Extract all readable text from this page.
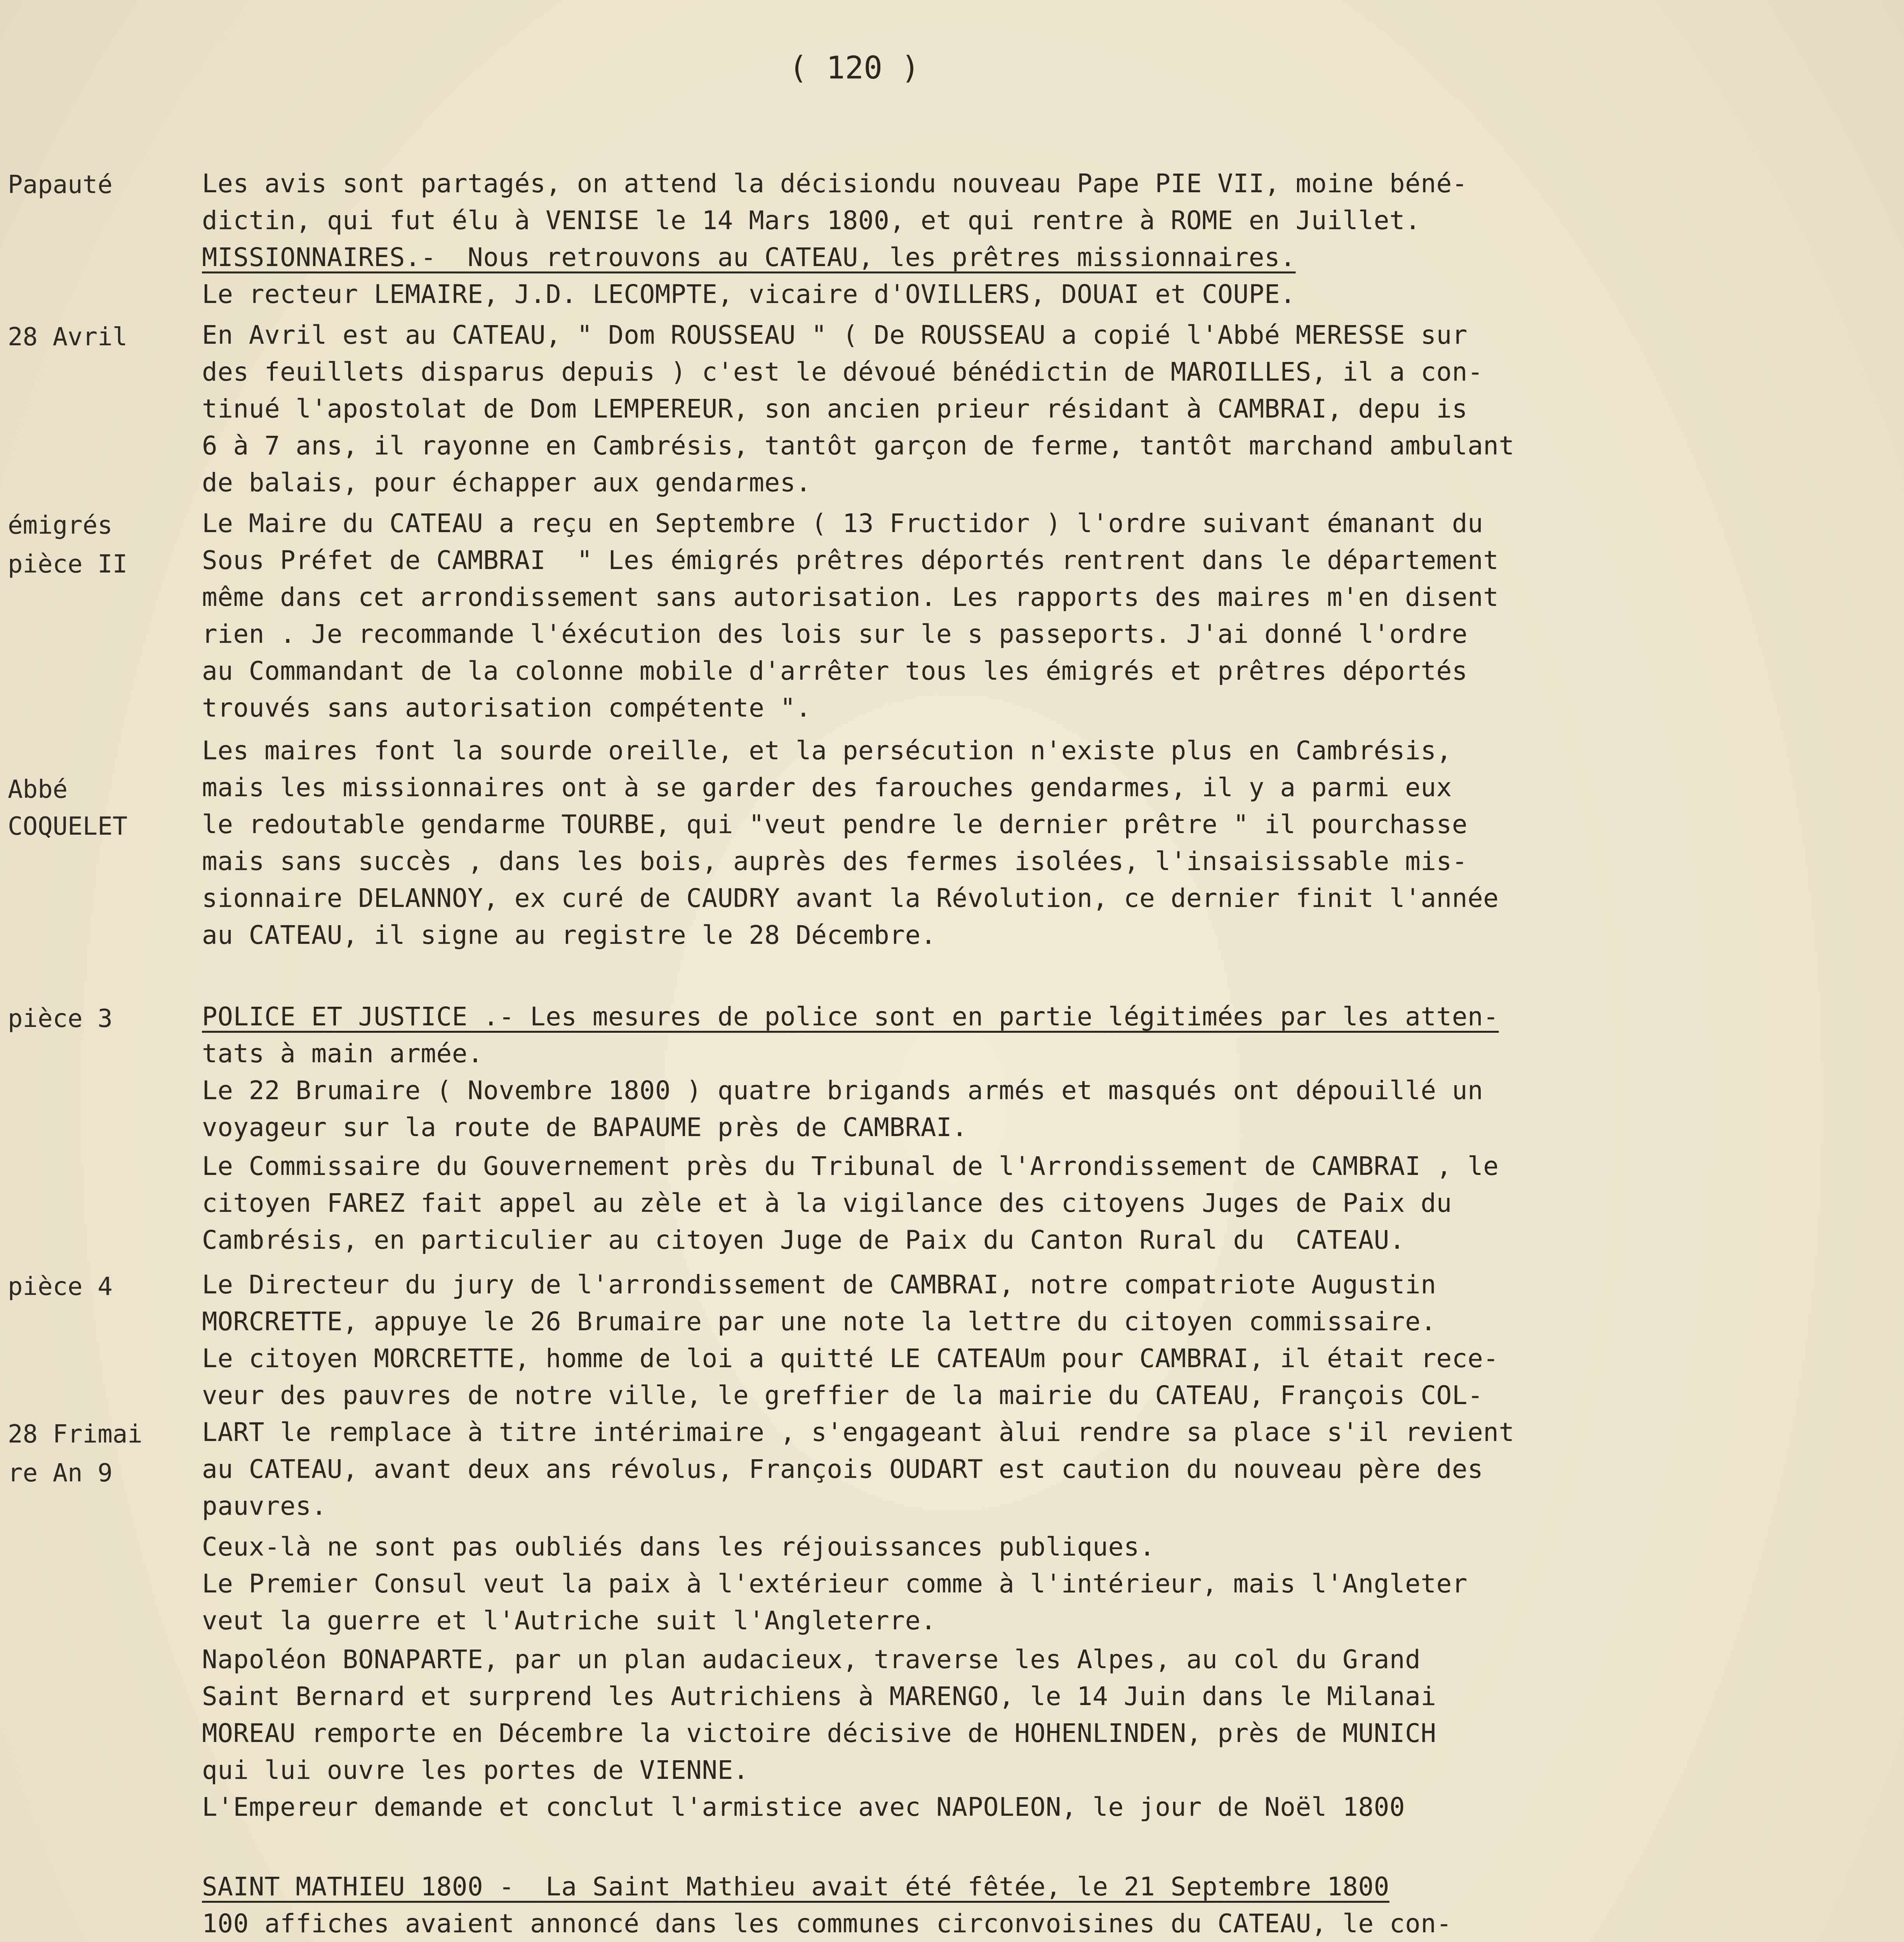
( 120 )
Papauté
28 Avril
émigrés
pièce II
Abbé
COQUELET
pièce 3
pièce 4
28 Frimai
re An 9
Les avis sont partagés, on attend la décisiondu nouveau Pape PIE VII, moine béné-
dictin, qui fut élu à VENISE le 14 Mars 1800, et qui rentre à ROME en Juillet.
MISSIONNAIRES.-  Nous retrouvons au CATEAU, les prêtres missionnaires.
Le recteur LEMAIRE, J.D. LECOMPTE, vicaire d'OVILLERS, DOUAI et COUPE.
En Avril est au CATEAU, " Dom ROUSSEAU " ( De ROUSSEAU a copié l'Abbé MERESSE sur
des feuillets disparus depuis ) c'est le dévoué bénédictin de MAROILLES, il a con-
tinué l'apostolat de Dom LEMPEREUR, son ancien prieur résidant à CAMBRAI, depu is
6 à 7 ans, il rayonne en Cambrésis, tantôt garçon de ferme, tantôt marchand ambulant
de balais, pour échapper aux gendarmes.
Le Maire du CATEAU a reçu en Septembre ( 13 Fructidor ) l'ordre suivant émanant du
Sous Préfet de CAMBRAI  " Les émigrés prêtres déportés rentrent dans le département
même dans cet arrondissement sans autorisation. Les rapports des maires m'en disent
rien . Je recommande l'éxécution des lois sur le s passeports. J'ai donné l'ordre
au Commandant de la colonne mobile d'arrêter tous les émigrés et prêtres déportés
trouvés sans autorisation compétente ".
Les maires font la sourde oreille, et la persécution n'existe plus en Cambrésis,
mais les missionnaires ont à se garder des farouches gendarmes, il y a parmi eux
le redoutable gendarme TOURBE, qui "veut pendre le dernier prêtre " il pourchasse
mais sans succès , dans les bois, auprès des fermes isolées, l'insaisissable mis-
sionnaire DELANNOY, ex curé de CAUDRY avant la Révolution, ce dernier finit l'année
au CATEAU, il signe au registre le 28 Décembre.
POLICE ET JUSTICE .- Les mesures de police sont en partie légitimées par les atten-
tats à main armée.
Le 22 Brumaire ( Novembre 1800 ) quatre brigands armés et masqués ont dépouillé un
voyageur sur la route de BAPAUME près de CAMBRAI.
Le Commissaire du Gouvernement près du Tribunal de l'Arrondissement de CAMBRAI , le
citoyen FAREZ fait appel au zèle et à la vigilance des citoyens Juges de Paix du
Cambrésis, en particulier au citoyen Juge de Paix du Canton Rural du  CATEAU.
Le Directeur du jury de l'arrondissement de CAMBRAI, notre compatriote Augustin
MORCRETTE, appuye le 26 Brumaire par une note la lettre du citoyen commissaire.
Le citoyen MORCRETTE, homme de loi a quitté LE CATEAUm pour CAMBRAI, il était rece-
veur des pauvres de notre ville, le greffier de la mairie du CATEAU, François COL-
LART le remplace à titre intérimaire , s'engageant àlui rendre sa place s'il revient
au CATEAU, avant deux ans révolus, François OUDART est caution du nouveau père des
pauvres.
Ceux-là ne sont pas oubliés dans les réjouissances publiques.
Le Premier Consul veut la paix à l'extérieur comme à l'intérieur, mais l'Angleter
veut la guerre et l'Autriche suit l'Angleterre.
Napoléon BONAPARTE, par un plan audacieux, traverse les Alpes, au col du Grand
Saint Bernard et surprend les Autrichiens à MARENGO, le 14 Juin dans le Milanai
MOREAU remporte en Décembre la victoire décisive de HOHENLINDEN, près de MUNICH
qui lui ouvre les portes de VIENNE.
L'Empereur demande et conclut l'armistice avec NAPOLEON, le jour de Noël 1800
SAINT MATHIEU 1800 -  La Saint Mathieu avait été fêtée, le 21 Septembre 1800
100 affiches avaient annoncé dans les communes circonvoisines du CATEAU, le con-
